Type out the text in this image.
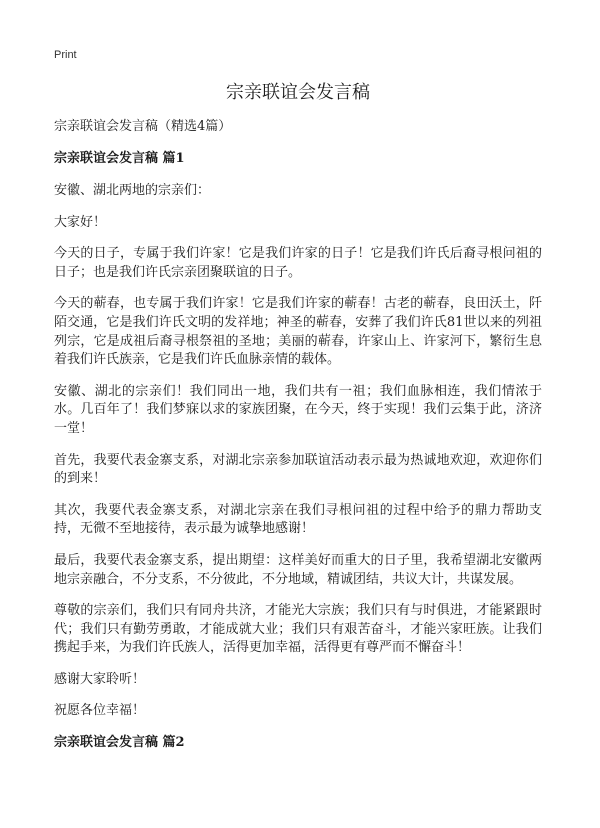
Print
宗亲联谊会发言稿

宗亲联谊会发言稿（精选4篇）

宗亲联谊会发言稿 篇1

安徽、湖北两地的宗亲们：

大家好！

今天的日子，专属于我们许家！它是我们许家的日子！它是我们许氏后裔寻根问祖的日子；也是我们许氏宗亲团聚联谊的日子。

今天的蕲春，也专属于我们许家！它是我们许家的蕲春！古老的蕲春，良田沃土，阡陌交通，它是我们许氏文明的发祥地；神圣的蕲春，安葬了我们许氏81世以来的列祖列宗，它是成祖后裔寻根祭祖的圣地；美丽的蕲春，许家山上、许家河下，繁衍生息着我们许氏族亲，它是我们许氏血脉亲情的载体。

安徽、湖北的宗亲们！我们同出一地，我们共有一祖；我们血脉相连，我们情浓于水。几百年了！我们梦寐以求的家族团聚，在今天，终于实现！我们云集于此，济济一堂！

首先，我要代表金寨支系，对湖北宗亲参加联谊活动表示最为热诚地欢迎，欢迎你们的到来！

其次，我要代表金寨支系，对湖北宗亲在我们寻根问祖的过程中给予的鼎力帮助支持，无微不至地接待，表示最为诚挚地感谢！

最后，我要代表金寨支系，提出期望：这样美好而重大的日子里，我希望湖北安徽两地宗亲融合，不分支系，不分彼此，不分地域，精诚团结，共议大计，共谋发展。

尊敬的宗亲们，我们只有同舟共济，才能光大宗族；我们只有与时俱进，才能紧跟时代；我们只有勤劳勇敢，才能成就大业；我们只有艰苦奋斗，才能兴家旺族。让我们携起手来，为我们许氏族人，活得更加幸福，活得更有尊严而不懈奋斗！

感谢大家聆听！

祝愿各位幸福！

宗亲联谊会发言稿 篇2
